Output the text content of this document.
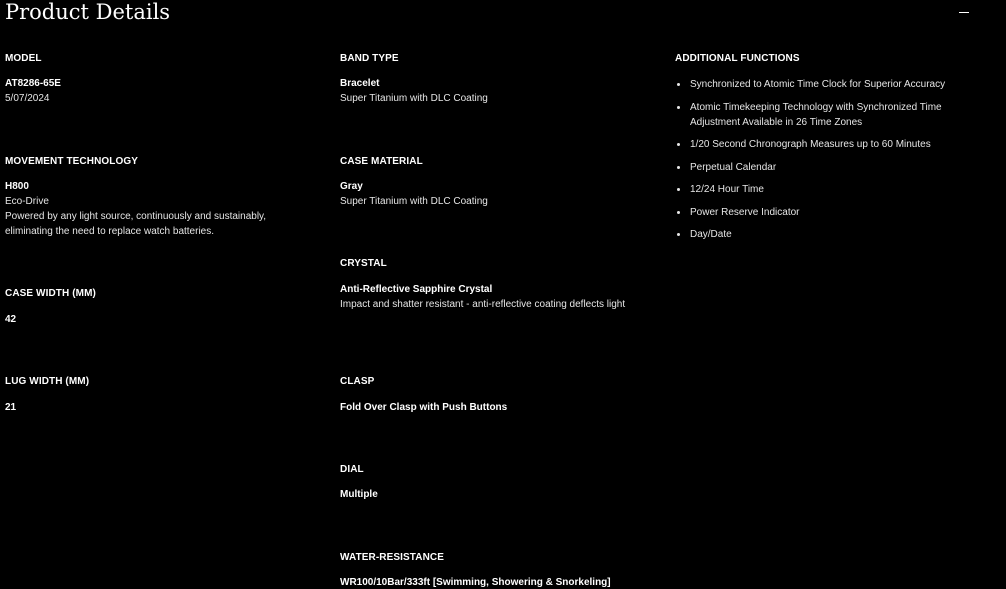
Product Details
MODEL
AT8286-65E
5/07/2024
MOVEMENT TECHNOLOGY
H800
Eco-Drive
Powered by any light source, continuously and sustainably, eliminating the need to replace watch batteries.
CASE WIDTH (MM)
42
LUG WIDTH (MM)
21
BAND TYPE
Bracelet
Super Titanium with DLC Coating
CASE MATERIAL
Gray
Super Titanium with DLC Coating
CRYSTAL
Anti-Reflective Sapphire Crystal
Impact and shatter resistant - anti-reflective coating deflects light
CLASP
Fold Over Clasp with Push Buttons
DIAL
Multiple
WATER-RESISTANCE
WR100/10Bar/333ft [Swimming, Showering & Snorkeling]
ADDITIONAL FUNCTIONS
Synchronized to Atomic Time Clock for Superior Accuracy
Atomic Timekeeping Technology with Synchronized Time Adjustment Available in 26 Time Zones
1/20 Second Chronograph Measures up to 60 Minutes
Perpetual Calendar
12/24 Hour Time
Power Reserve Indicator
Day/Date
